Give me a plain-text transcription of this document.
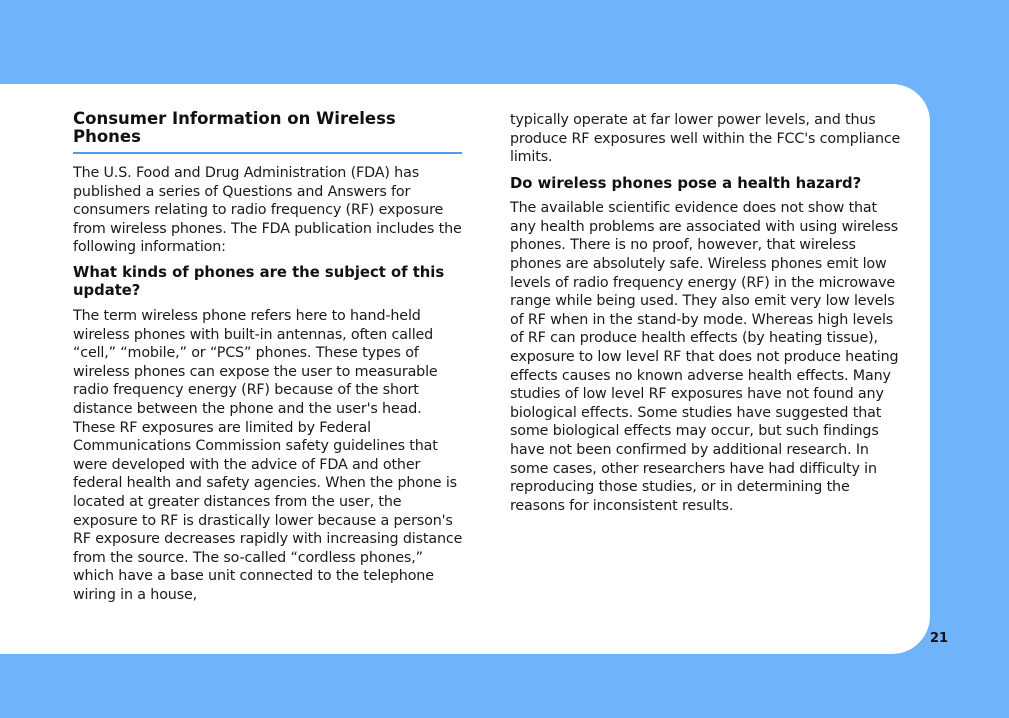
Consumer Information on Wireless Phones

The U.S. Food and Drug Administration (FDA) has published a series of Questions and Answers for consumers relating to radio frequency (RF) exposure from wireless phones. The FDA publication includes the following information:

What kinds of phones are the subject of this update?

The term wireless phone refers here to hand-held wireless phones with built-in antennas, often called “cell,” “mobile,” or “PCS” phones. These types of wireless phones can expose the user to measurable radio frequency energy (RF) because of the short distance between the phone and the user's head. These RF exposures are limited by Federal Communications Commission safety guidelines that were developed with the advice of FDA and other federal health and safety agencies. When the phone is located at greater distances from the user, the exposure to RF is drastically lower because a person's RF exposure decreases rapidly with increasing distance from the source. The so-called “cordless phones,” which have a base unit connected to the telephone wiring in a house,

typically operate at far lower power levels, and thus produce RF exposures well within the FCC's compliance limits.

Do wireless phones pose a health hazard?

The available scientific evidence does not show that any health problems are associated with using wireless phones. There is no proof, however, that wireless phones are absolutely safe. Wireless phones emit low levels of radio frequency energy (RF) in the microwave range while being used. They also emit very low levels of RF when in the stand-by mode. Whereas high levels of RF can produce health effects (by heating tissue), exposure to low level RF that does not produce heating effects causes no known adverse health effects. Many studies of low level RF exposures have not found any biological effects. Some studies have suggested that some biological effects may occur, but such findings have not been confirmed by additional research. In some cases, other researchers have had difficulty in reproducing those studies, or in determining the reasons for inconsistent results.

21
